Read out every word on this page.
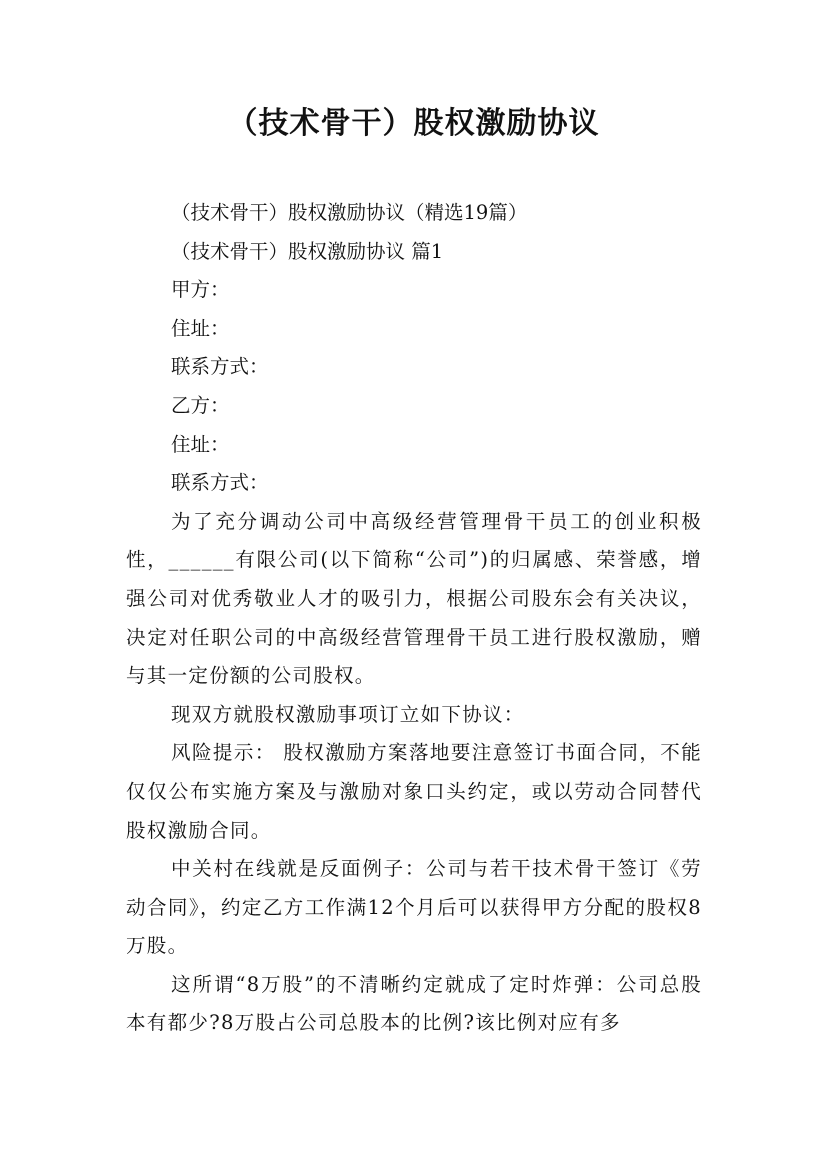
（技术骨干）股权激励协议

（技术骨干）股权激励协议（精选19篇）

（技术骨干）股权激励协议 篇1

甲方：

住址：

联系方式：

乙方：

住址：

联系方式：

为了充分调动公司中高级经营管理骨干员工的创业积极性，______有限公司(以下简称“公司”)的归属感、荣誉感，增强公司对优秀敬业人才的吸引力，根据公司股东会有关决议，决定对任职公司的中高级经营管理骨干员工进行股权激励，赠与其一定份额的公司股权。

现双方就股权激励事项订立如下协议：

风险提示： 股权激励方案落地要注意签订书面合同，不能仅仅公布实施方案及与激励对象口头约定，或以劳动合同替代股权激励合同。

中关村在线就是反面例子：公司与若干技术骨干签订《劳动合同》，约定乙方工作满12个月后可以获得甲方分配的股权8万股。

这所谓“8万股”的不清晰约定就成了定时炸弹：公司总股本有都少?8万股占公司总股本的比例?该比例对应有多
